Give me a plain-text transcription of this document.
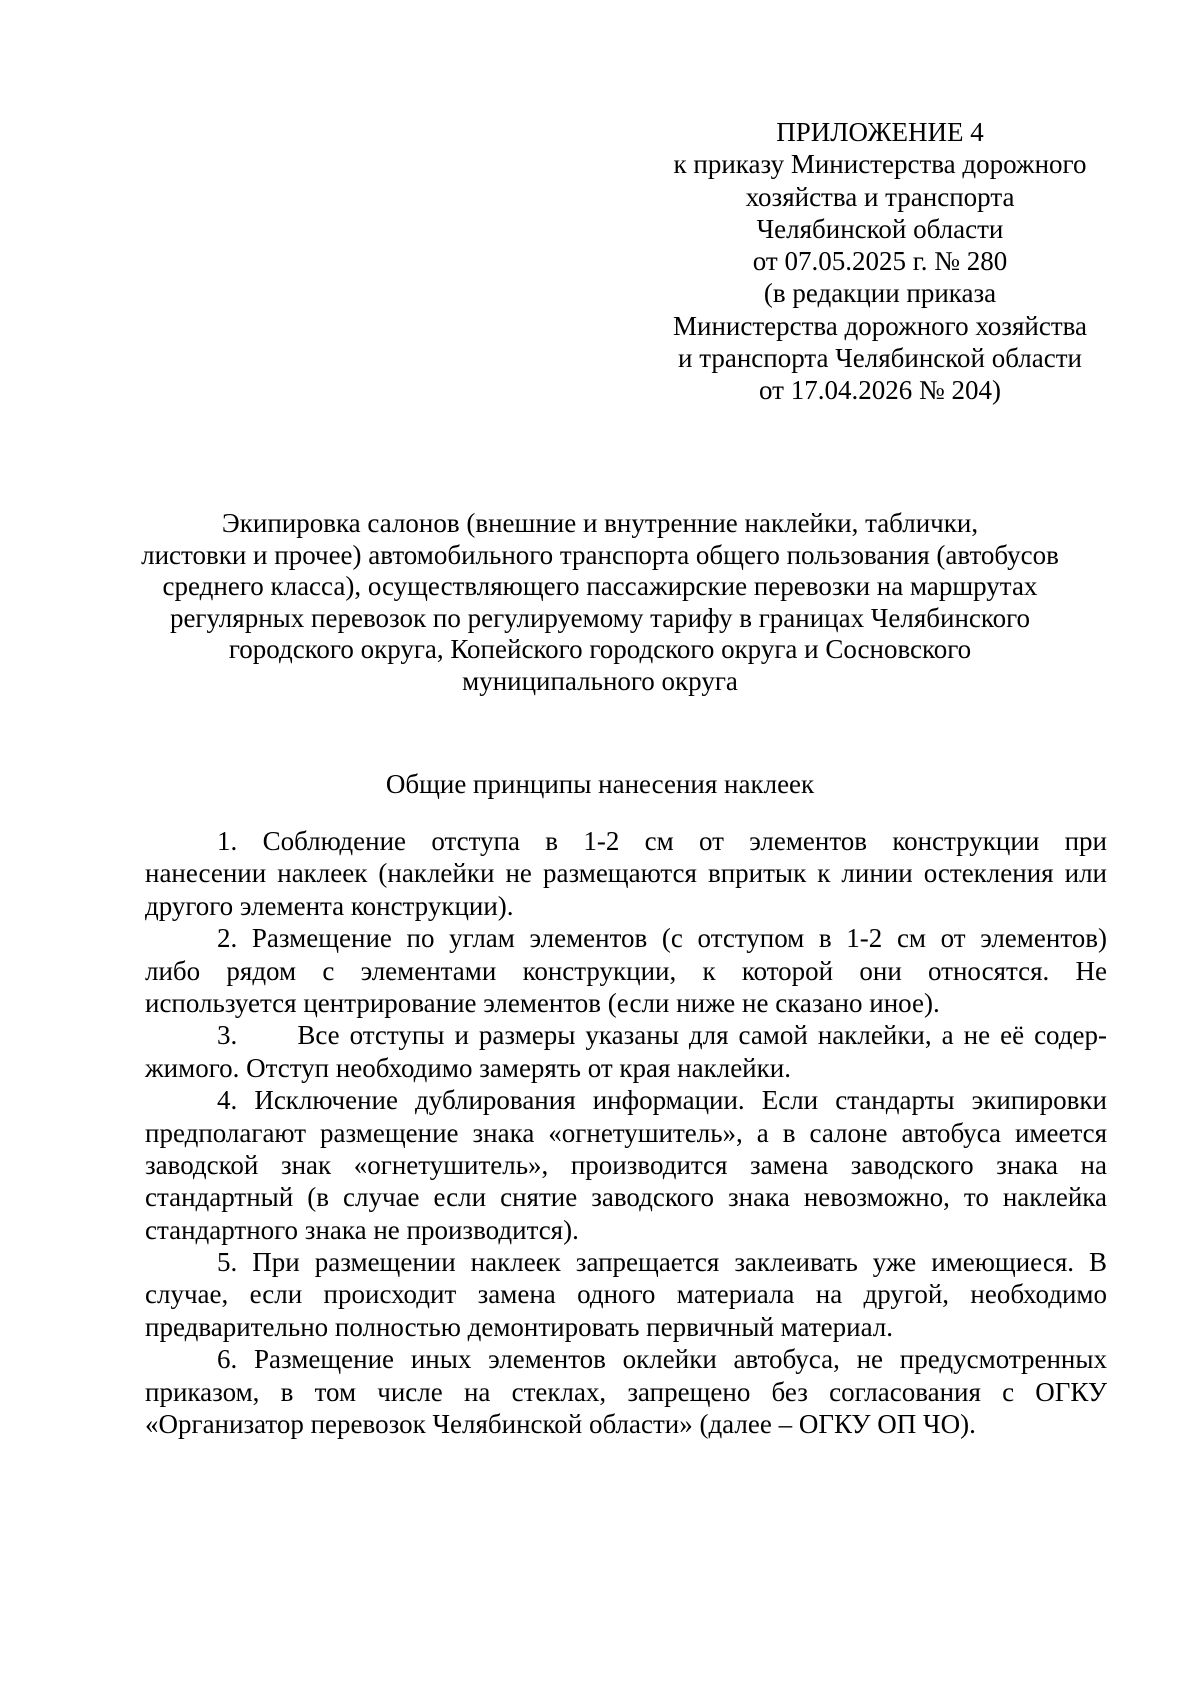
ПРИЛОЖЕНИЕ 4
к приказу Министерства дорожного
хозяйства и транспорта
Челябинской области
от 07.05.2025 г. № 280
(в редакции приказа
Министерства дорожного хозяйства
и транспорта Челябинской области
от 17.04.2026 № 204)
Экипировка салонов (внешние и внутренние наклейки, таблички,
листовки и прочее) автомобильного транспорта общего пользования (автобусов
среднего класса), осуществляющего пассажирские перевозки на маршрутах
регулярных перевозок по регулируемому тарифу в границах Челябинского
городского округа, Копейского городского округа и Сосновского
муниципального округа
Общие принципы нанесения наклеек
1. Соблюдение отступа в 1-2 см от элементов конструкции при
нанесении наклеек (наклейки не размещаются впритык к линии остекления или
другого элемента конструкции).
2. Размещение по углам элементов (с отступом в 1-2 см от элементов)
либо рядом с элементами конструкции, к которой они относятся. Не
используется центрирование элементов (если ниже не сказано иное).
3.      Все отступы и размеры указаны для самой наклейки, а не её содер-
жимого. Отступ необходимо замерять от края наклейки.
4. Исключение дублирования информации. Если стандарты экипировки
предполагают размещение знака «огнетушитель», а в салоне автобуса имеется
заводской знак «огнетушитель», производится замена заводского знака на
стандартный (в случае если снятие заводского знака невозможно, то наклейка
стандартного знака не производится).
5. При размещении наклеек запрещается заклеивать уже имеющиеся. В
случае, если происходит замена одного материала на другой, необходимо
предварительно полностью демонтировать первичный материал.
6. Размещение иных элементов оклейки автобуса, не предусмотренных
приказом, в том числе на стеклах, запрещено без согласования с ОГКУ
«Организатор перевозок Челябинской области» (далее – ОГКУ ОП ЧО).
